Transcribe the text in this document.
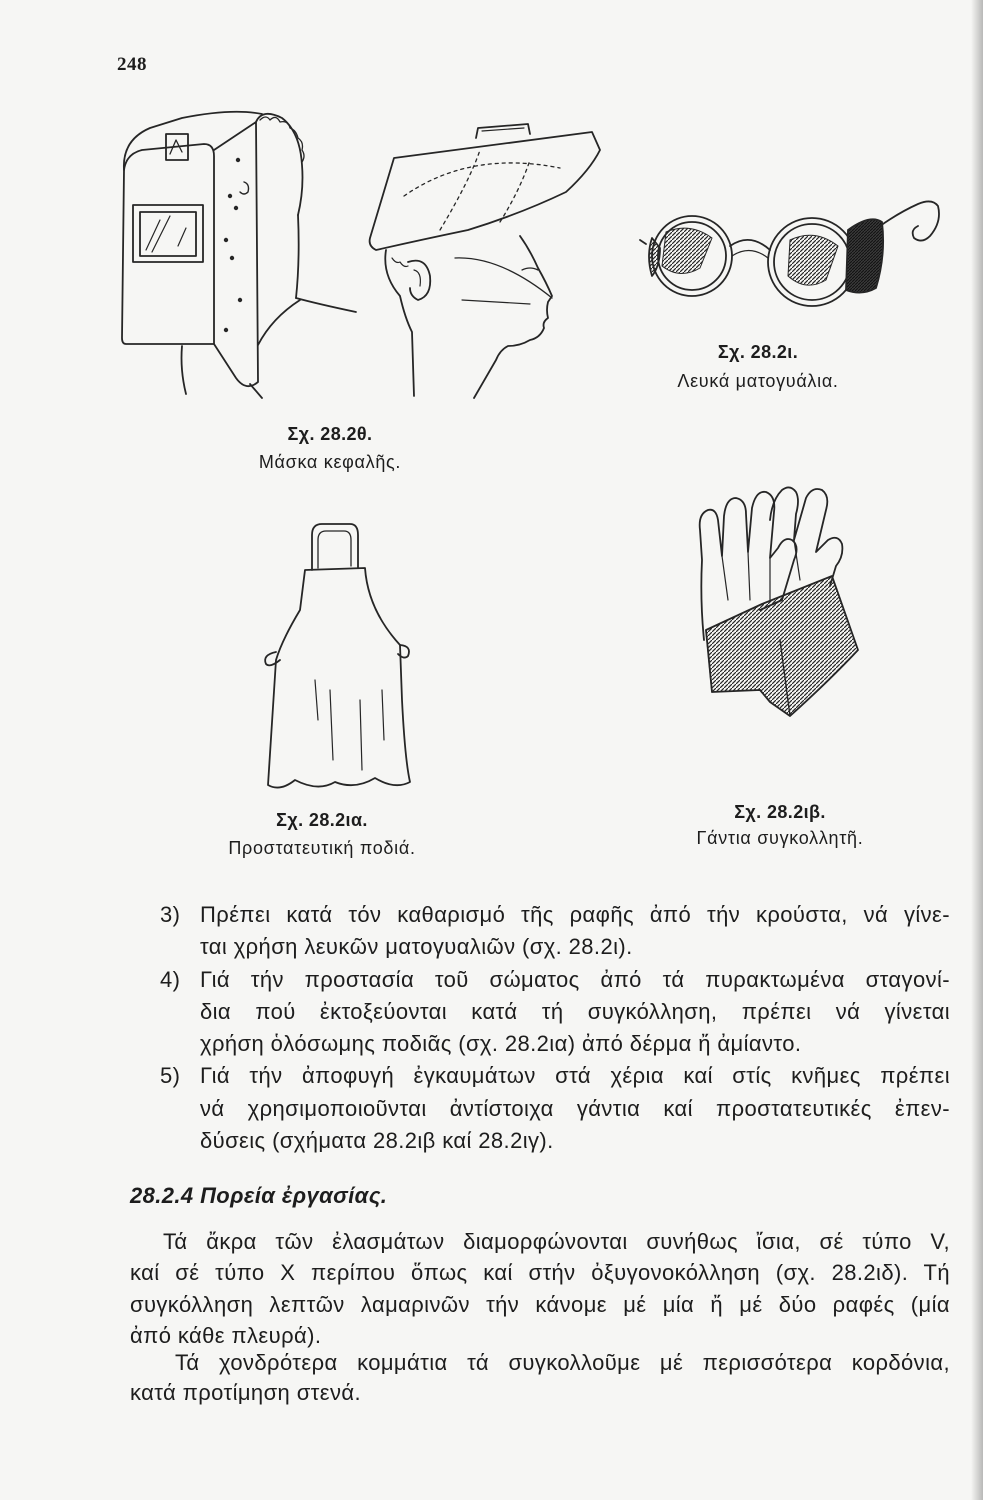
248
Σχ. 28.2θ.
Μάσκα κεφαλῆς.
Σχ. 28.2ι.
Λευκά ματογυάλια.
Σχ. 28.2ια.
Προστατευτική ποδιά.
Σχ. 28.2ιβ.
Γάντια συγκολλητῆ.
3) Πρέπει κατά τόν καθαρισμό τῆς ραφῆς ἀπό τήν κρούστα, νά γίνε-
ται χρήση λευκῶν ματογυαλιῶν (σχ. 28.2ι).
4) Γιά τήν προστασία τοῦ σώματος ἀπό τά πυρακτωμένα σταγονί-
δια πού ἐκτοξεύονται κατά τή συγκόλληση, πρέπει νά γίνεται
χρήση ὁλόσωμης ποδιᾶς (σχ. 28.2ια) ἀπό δέρμα ἤ ἀμίαντο.
5) Γιά τήν ἀποφυγή ἐγκαυμάτων στά χέρια καί στίς κνῆμες πρέπει
νά χρησιμοποιοῦνται ἀντίστοιχα γάντια καί προστατευτικές ἐπεν-
δύσεις (σχήματα 28.2ιβ καί 28.2ιγ).
28.2.4 Πορεία ἐργασίας.
Τά ἄκρα τῶν ἐλασμάτων διαμορφώνονται συνήθως ἴσια, σέ τύπο V,
καί σέ τύπο Χ περίπου ὅπως καί στήν ὀξυγονοκόλληση (σχ. 28.2ιδ). Τή
συγκόλληση λεπτῶν λαμαρινῶν τήν κάνομε μέ μία ἤ μέ δύο ραφές (μία
ἀπό κάθε πλευρά).
Τά χονδρότερα κομμάτια τά συγκολλοῦμε μέ περισσότερα κορδόνια,
κατά προτίμηση στενά.
